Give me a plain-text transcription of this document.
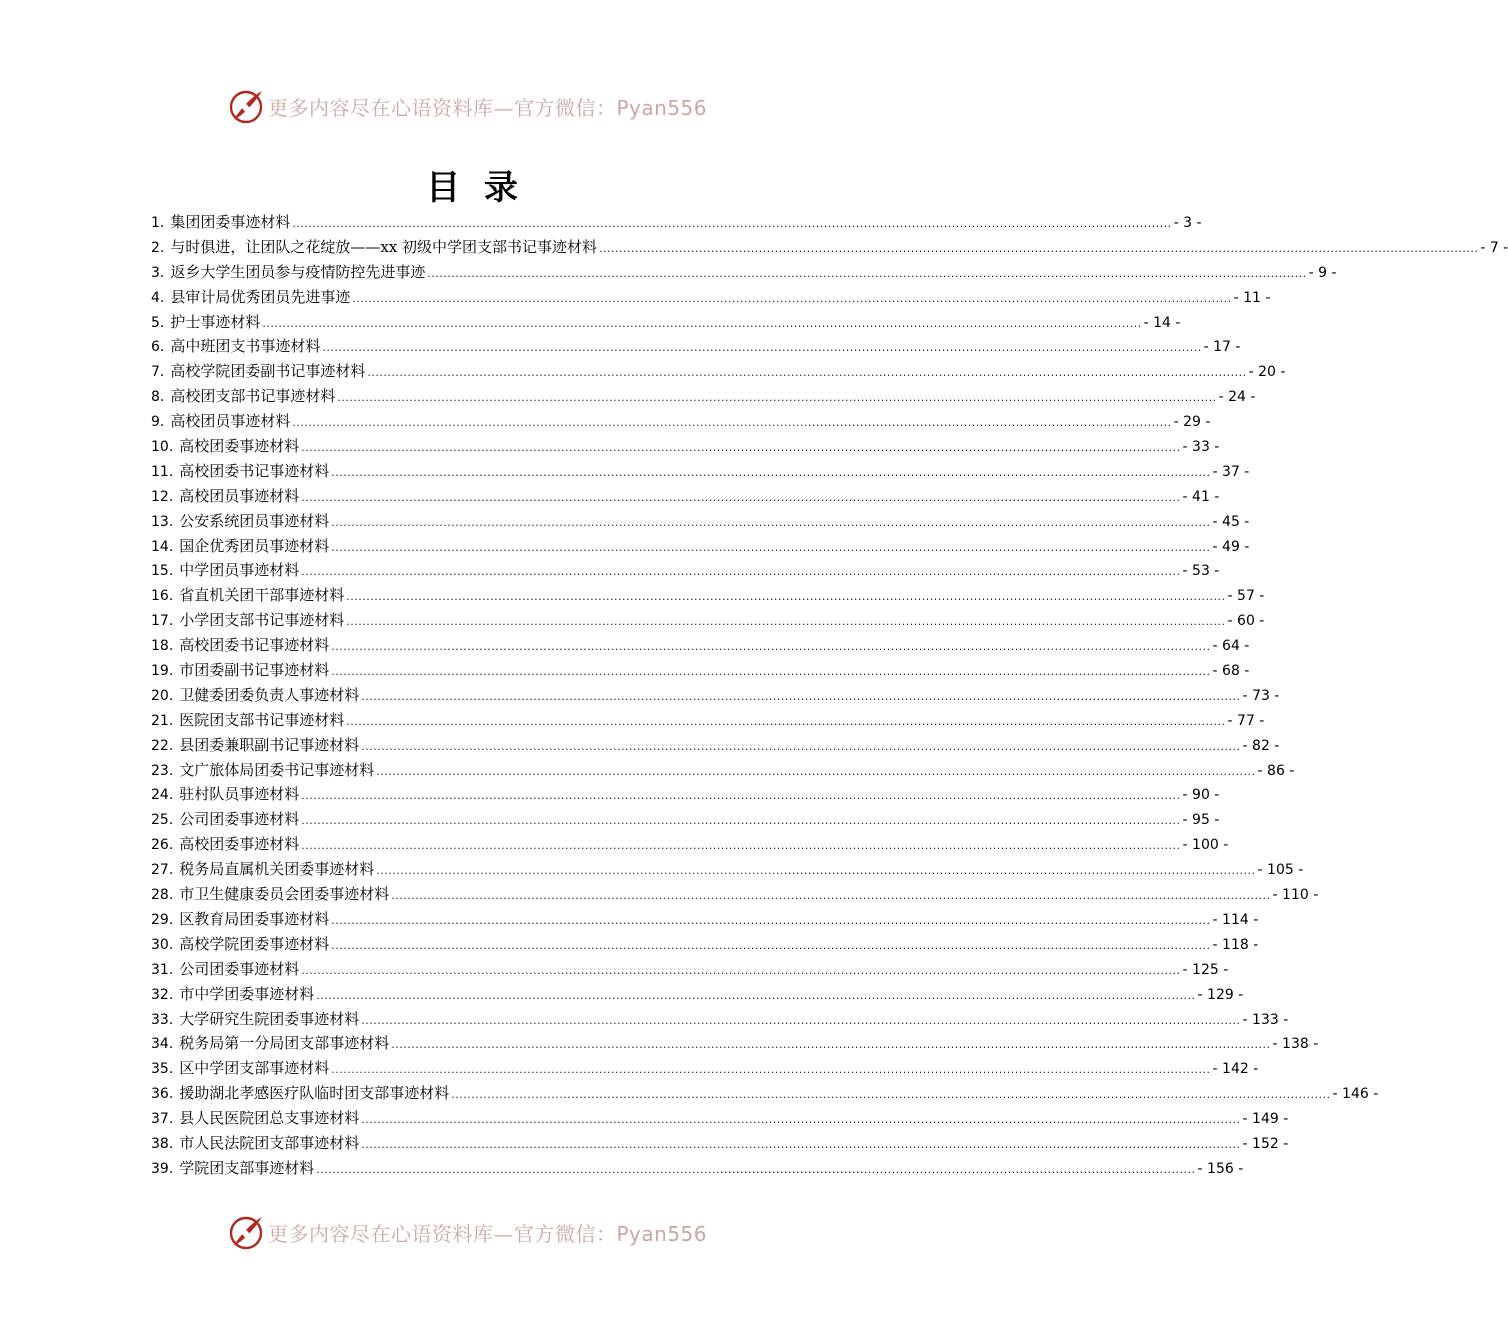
更多内容尽在心语资料库—官方微信：Pyan556
目 录
1. 集团团委事迹材料 ............................................................................................................................................................................................................................ - 3 -
2. 与时俱进，让团队之花绽放——xx 初级中学团支部书记事迹材料 ............................................................................................................................................................................................................................ - 7 -
3. 返乡大学生团员参与疫情防控先进事迹 ............................................................................................................................................................................................................................ - 9 -
4. 县审计局优秀团员先进事迹 ............................................................................................................................................................................................................................ - 11 -
5. 护士事迹材料 ............................................................................................................................................................................................................................ - 14 -
6. 高中班团支书事迹材料 ............................................................................................................................................................................................................................ - 17 -
7. 高校学院团委副书记事迹材料 ............................................................................................................................................................................................................................ - 20 -
8. 高校团支部书记事迹材料 ............................................................................................................................................................................................................................ - 24 -
9. 高校团员事迹材料 ............................................................................................................................................................................................................................ - 29 -
10. 高校团委事迹材料 ............................................................................................................................................................................................................................ - 33 -
11. 高校团委书记事迹材料 ............................................................................................................................................................................................................................ - 37 -
12. 高校团员事迹材料 ............................................................................................................................................................................................................................ - 41 -
13. 公安系统团员事迹材料 ............................................................................................................................................................................................................................ - 45 -
14. 国企优秀团员事迹材料 ............................................................................................................................................................................................................................ - 49 -
15. 中学团员事迹材料 ............................................................................................................................................................................................................................ - 53 -
16. 省直机关团干部事迹材料 ............................................................................................................................................................................................................................ - 57 -
17. 小学团支部书记事迹材料 ............................................................................................................................................................................................................................ - 60 -
18. 高校团委书记事迹材料 ............................................................................................................................................................................................................................ - 64 -
19. 市团委副书记事迹材料 ............................................................................................................................................................................................................................ - 68 -
20. 卫健委团委负责人事迹材料 ............................................................................................................................................................................................................................ - 73 -
21. 医院团支部书记事迹材料 ............................................................................................................................................................................................................................ - 77 -
22. 县团委兼职副书记事迹材料 ............................................................................................................................................................................................................................ - 82 -
23. 文广旅体局团委书记事迹材料 ............................................................................................................................................................................................................................ - 86 -
24. 驻村队员事迹材料 ............................................................................................................................................................................................................................ - 90 -
25. 公司团委事迹材料 ............................................................................................................................................................................................................................ - 95 -
26. 高校团委事迹材料 ............................................................................................................................................................................................................................ - 100 -
27. 税务局直属机关团委事迹材料 ............................................................................................................................................................................................................................ - 105 -
28. 市卫生健康委员会团委事迹材料 ............................................................................................................................................................................................................................ - 110 -
29. 区教育局团委事迹材料 ............................................................................................................................................................................................................................ - 114 -
30. 高校学院团委事迹材料 ............................................................................................................................................................................................................................ - 118 -
31. 公司团委事迹材料 ............................................................................................................................................................................................................................ - 125 -
32. 市中学团委事迹材料 ............................................................................................................................................................................................................................ - 129 -
33. 大学研究生院团委事迹材料 ............................................................................................................................................................................................................................ - 133 -
34. 税务局第一分局团支部事迹材料 ............................................................................................................................................................................................................................ - 138 -
35. 区中学团支部事迹材料 ............................................................................................................................................................................................................................ - 142 -
36. 援助湖北孝感医疗队临时团支部事迹材料 ............................................................................................................................................................................................................................ - 146 -
37. 县人民医院团总支事迹材料 ............................................................................................................................................................................................................................ - 149 -
38. 市人民法院团支部事迹材料 ............................................................................................................................................................................................................................ - 152 -
39. 学院团支部事迹材料 ............................................................................................................................................................................................................................ - 156 -
更多内容尽在心语资料库—官方微信：Pyan556
